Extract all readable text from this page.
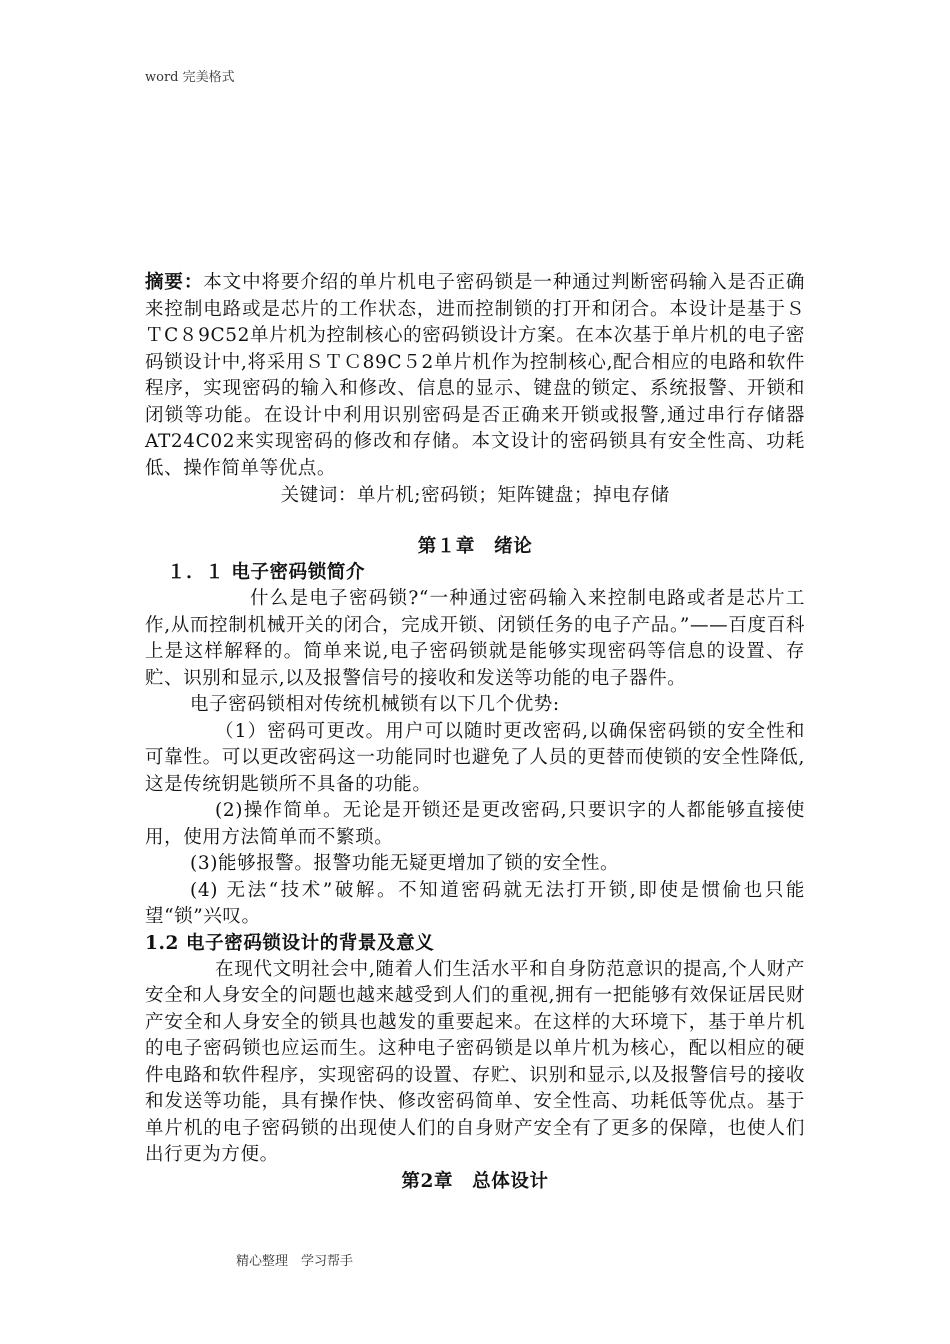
word 完美格式

摘要：本文中将要介绍的单片机电子密码锁是一种通过判断密码输入是否正确来控制电路或是芯片的工作状态，进而控制锁的打开和闭合。本设计是基于ＳＴC８9C52单片机为控制核心的密码锁设计方案。在本次基于单片机的电子密码锁设计中,将采用ＳＴＣ89C５2单片机作为控制核心,配合相应的电路和软件程序，实现密码的输入和修改、信息的显示、键盘的锁定、系统报警、开锁和闭锁等功能。在设计中利用识别密码是否正确来开锁或报警,通过串行存储器AT24C02来实现密码的修改和存储。本文设计的密码锁具有安全性高、功耗低、操作简单等优点。

关键词：单片机;密码锁；矩阵键盘；掉电存储

第１章　绪论

１．１ 电子密码锁简介

什么是电子密码锁?“一种通过密码输入来控制电路或者是芯片工作,从而控制机械开关的闭合，完成开锁、闭锁任务的电子产品。”——百度百科上是这样解释的。简单来说,电子密码锁就是能够实现密码等信息的设置、存贮、识别和显示,以及报警信号的接收和发送等功能的电子器件。

电子密码锁相对传统机械锁有以下几个优势:

（1）密码可更改。用户可以随时更改密码,以确保密码锁的安全性和可靠性。可以更改密码这一功能同时也避免了人员的更替而使锁的安全性降低,这是传统钥匙锁所不具备的功能。

(2)操作简单。无论是开锁还是更改密码,只要识字的人都能够直接使用，使用方法简单而不繁琐。

(3)能够报警。报警功能无疑更增加了锁的安全性。

(4) 无法“技术”破解。不知道密码就无法打开锁,即使是惯偷也只能望“锁”兴叹。

1.2 电子密码锁设计的背景及意义

在现代文明社会中,随着人们生活水平和自身防范意识的提高,个人财产安全和人身安全的问题也越来越受到人们的重视,拥有一把能够有效保证居民财产安全和人身安全的锁具也越发的重要起来。在这样的大环境下，基于单片机的电子密码锁也应运而生。这种电子密码锁是以单片机为核心，配以相应的硬件电路和软件程序，实现密码的设置、存贮、识别和显示,以及报警信号的接收和发送等功能，具有操作快、修改密码简单、安全性高、功耗低等优点。基于单片机的电子密码锁的出现使人们的自身财产安全有了更多的保障，也使人们出行更为方便。

第2章　总体设计

精心整理　学习帮手
